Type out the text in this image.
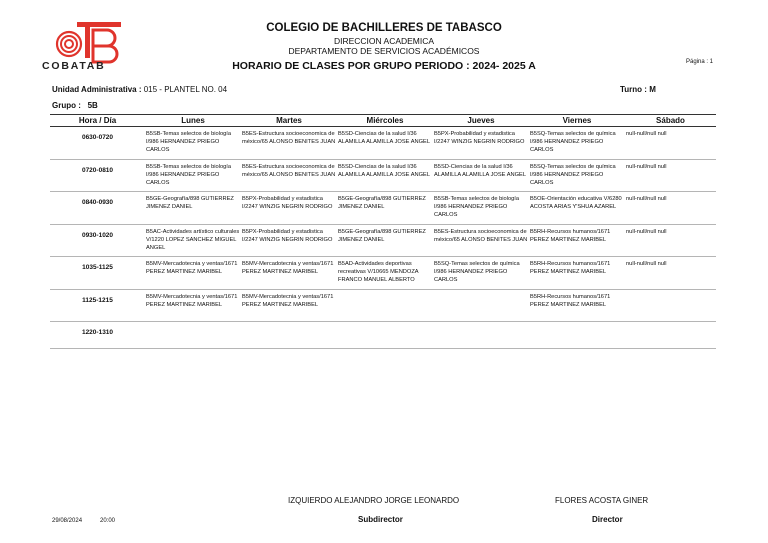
COBATAB
COLEGIO DE BACHILLERES DE TABASCO
DIRECCION ACADEMICA
DEPARTAMENTO DE SERVICIOS ACADÉMICOS
HORARIO DE CLASES POR GRUPO PERIODO : 2024- 2025 A	Página : 1
Unidad Administrativa : 015 - PLANTEL NO. 04	Turno : M
Grupo : 5B
Hora / Día	Lunes	Martes	Miércoles	Jueves	Viernes	Sábado
0630-0720	B5SB-Temas selectos de biología I/986 HERNANDEZ PRIEGO CARLOS	B5ES-Estructura socioeconomica de méxico/65 ALONSO BENITES JUAN	B5SD-Ciencias de la salud I/36 ALAMILLA ALAMILLA JOSE ANGEL	B5PX-Probabilidad y estadistica I/2247 WINZIG NEGRIN RODRIGO	B5SQ-Temas selectos de química I/986 HERNANDEZ PRIEGO CARLOS	null-null/null null
0720-0810	B5SB-Temas selectos de biología I/986 HERNANDEZ PRIEGO CARLOS	B5ES-Estructura socioeconomica de méxico/65 ALONSO BENITES JUAN	B5SD-Ciencias de la salud I/36 ALAMILLA ALAMILLA JOSE ANGEL	B5SD-Ciencias de la salud I/36 ALAMILLA ALAMILLA JOSE ANGEL	B5SQ-Temas selectos de química I/986 HERNANDEZ PRIEGO CARLOS	null-null/null null
0840-0930	B5GE-Geografía/898 GUTIERREZ JIMENEZ DANIEL	B5PX-Probabilidad y estadistica I/2247 WINZIG NEGRIN RODRIGO	B5GE-Geografía/898 GUTIERREZ JIMENEZ DANIEL	B5SB-Temas selectos de biología I/986 HERNANDEZ PRIEGO CARLOS	B5OE-Orientación educativa V/6280 ACOSTA ARIAS Y'SHUA AZAREL	null-null/null null
0930-1020	B5AC-Actividades artístico culturales V/1220 LOPEZ SANCHEZ MIGUEL ANGEL	B5PX-Probabilidad y estadistica I/2247 WINZIG NEGRIN RODRIGO	B5GE-Geografía/898 GUTIERREZ JIMENEZ DANIEL	B5ES-Estructura socioeconomica de méxico/65 ALONSO BENITES JUAN	B5RH-Recursos humanos/1671 PEREZ MARTINEZ MARIBEL	null-null/null null
1035-1125	B5MV-Mercadotecnia y ventas/1671 PEREZ MARTINEZ MARIBEL	B5MV-Mercadotecnia y ventas/1671 PEREZ MARTINEZ MARIBEL	B5AD-Actividades deportivas recreativas V/10665 MENDOZA FRANCO MANUEL ALBERTO	B5SQ-Temas selectos de química I/986 HERNANDEZ PRIEGO CARLOS	B5RH-Recursos humanos/1671 PEREZ MARTINEZ MARIBEL	null-null/null null
1125-1215	B5MV-Mercadotecnia y ventas/1671 PEREZ MARTINEZ MARIBEL	B5MV-Mercadotecnia y ventas/1671 PEREZ MARTINEZ MARIBEL			B5RH-Recursos humanos/1671 PEREZ MARTINEZ MARIBEL	
1220-1310						
IZQUIERDO ALEJANDRO JORGE LEONARDO	FLORES ACOSTA GINER
Subdirector	Director
29/08/2024	20:00
